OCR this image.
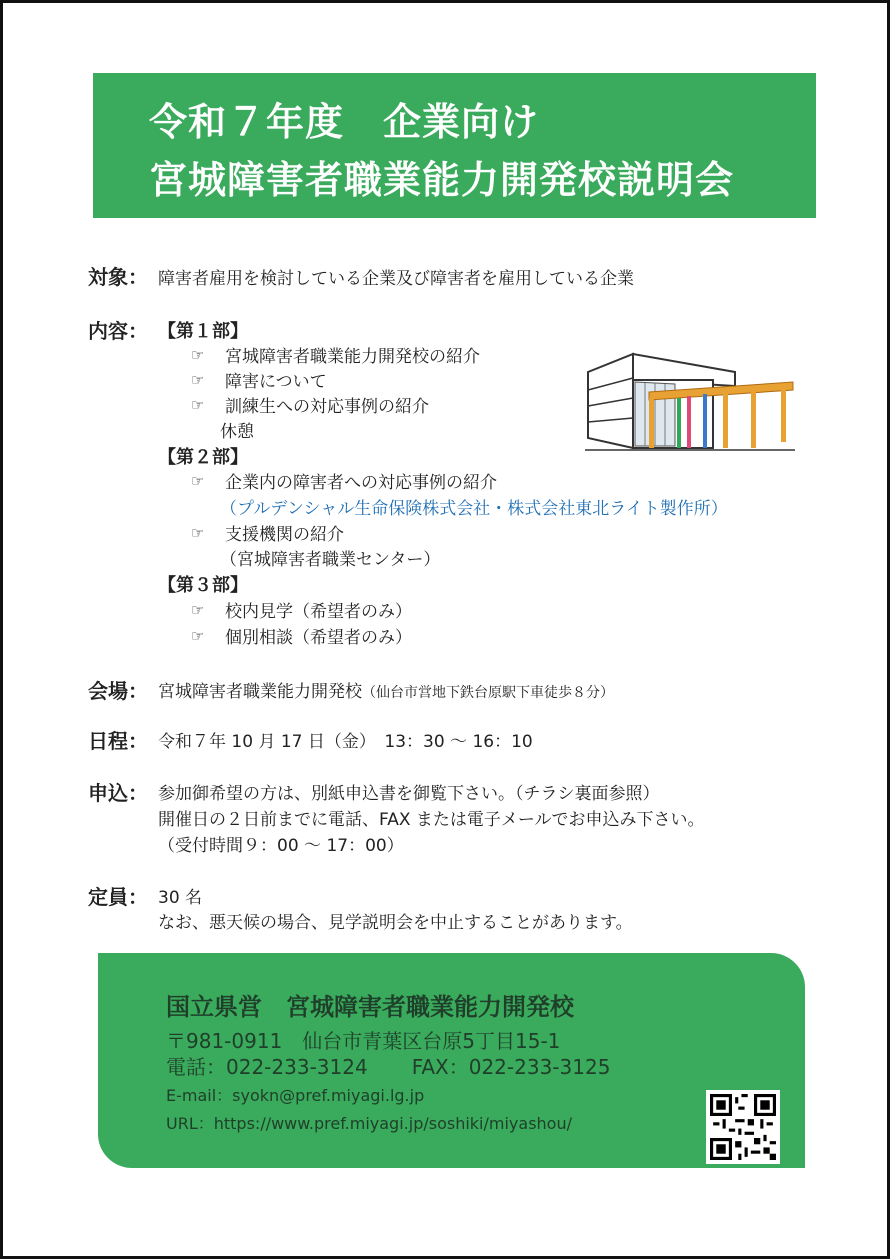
令和７年度　企業向け
宮城障害者職業能力開発校説明会
対象： 障害者雇用を検討している企業及び障害者を雇用している企業
内容： 【第１部】
☞ 宮城障害者職業能力開発校の紹介
☞ 障害について
☞ 訓練生への対応事例の紹介
休憩
【第２部】
☞ 企業内の障害者への対応事例の紹介
（プルデンシャル生命保険株式会社・株式会社東北ライト製作所）
☞ 支援機関の紹介
（宮城障害者職業センター）
【第３部】
☞ 校内見学（希望者のみ）
☞ 個別相談（希望者のみ）
会場： 宮城障害者職業能力開発校（仙台市営地下鉄台原駅下車徒歩８分）
日程： 令和７年 10 月 17 日（金）　13：30 ～ 16：10
申込： 参加御希望の方は、別紙申込書を御覧下さい。（チラシ裏面参照）
開催日の２日前までに電話、FAX または電子メールでお申込み下さい。
（受付時間９：00 ～ 17：00）
定員： 30 名
なお、悪天候の場合、見学説明会を中止することがあります。
国立県営　宮城障害者職業能力開発校
〒981-0911　仙台市青葉区台原5丁目15-1
電話：022-233-3124 FAX：022-233-3125
E-mail：syokn@pref.miyagi.lg.jp
URL：https://www.pref.miyagi.jp/soshiki/miyashou/
